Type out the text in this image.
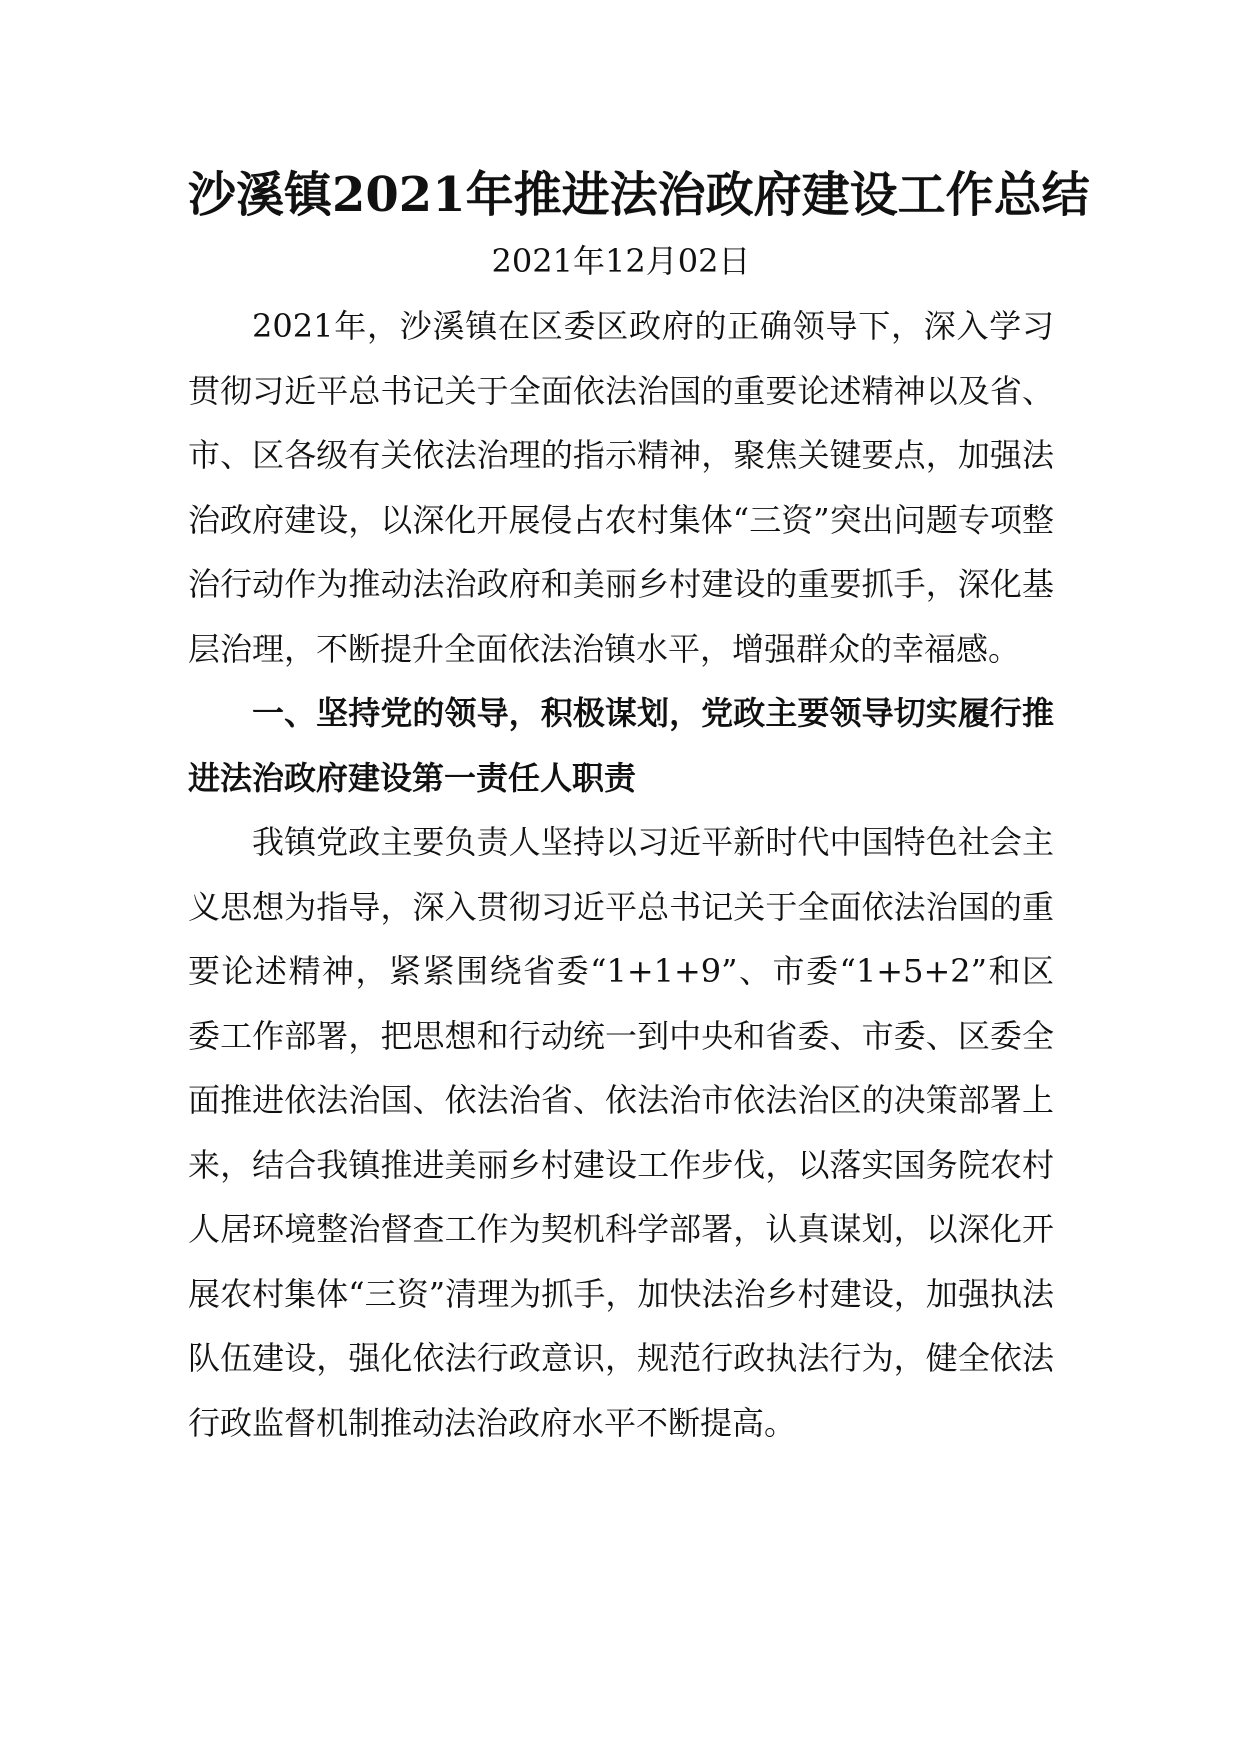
沙溪镇2021年推进法治政府建设工作总结

2021年12月02日

2021年，沙溪镇在区委区政府的正确领导下，深入学习贯彻习近平总书记关于全面依法治国的重要论述精神以及省、市、区各级有关依法治理的指示精神，聚焦关键要点，加强法治政府建设，以深化开展侵占农村集体“三资”突出问题专项整治行动作为推动法治政府和美丽乡村建设的重要抓手，深化基层治理，不断提升全面依法治镇水平，增强群众的幸福感。

一、坚持党的领导，积极谋划，党政主要领导切实履行推进法治政府建设第一责任人职责

我镇党政主要负责人坚持以习近平新时代中国特色社会主义思想为指导，深入贯彻习近平总书记关于全面依法治国的重要论述精神，紧紧围绕省委“1+1+9”、市委“1+5+2”和区委工作部署，把思想和行动统一到中央和省委、市委、区委全面推进依法治国、依法治省、依法治市依法治区的决策部署上来，结合我镇推进美丽乡村建设工作步伐，以落实国务院农村人居环境整治督查工作为契机科学部署，认真谋划，以深化开展农村集体“三资”清理为抓手，加快法治乡村建设，加强执法队伍建设，强化依法行政意识，规范行政执法行为，健全依法行政监督机制推动法治政府水平不断提高。
